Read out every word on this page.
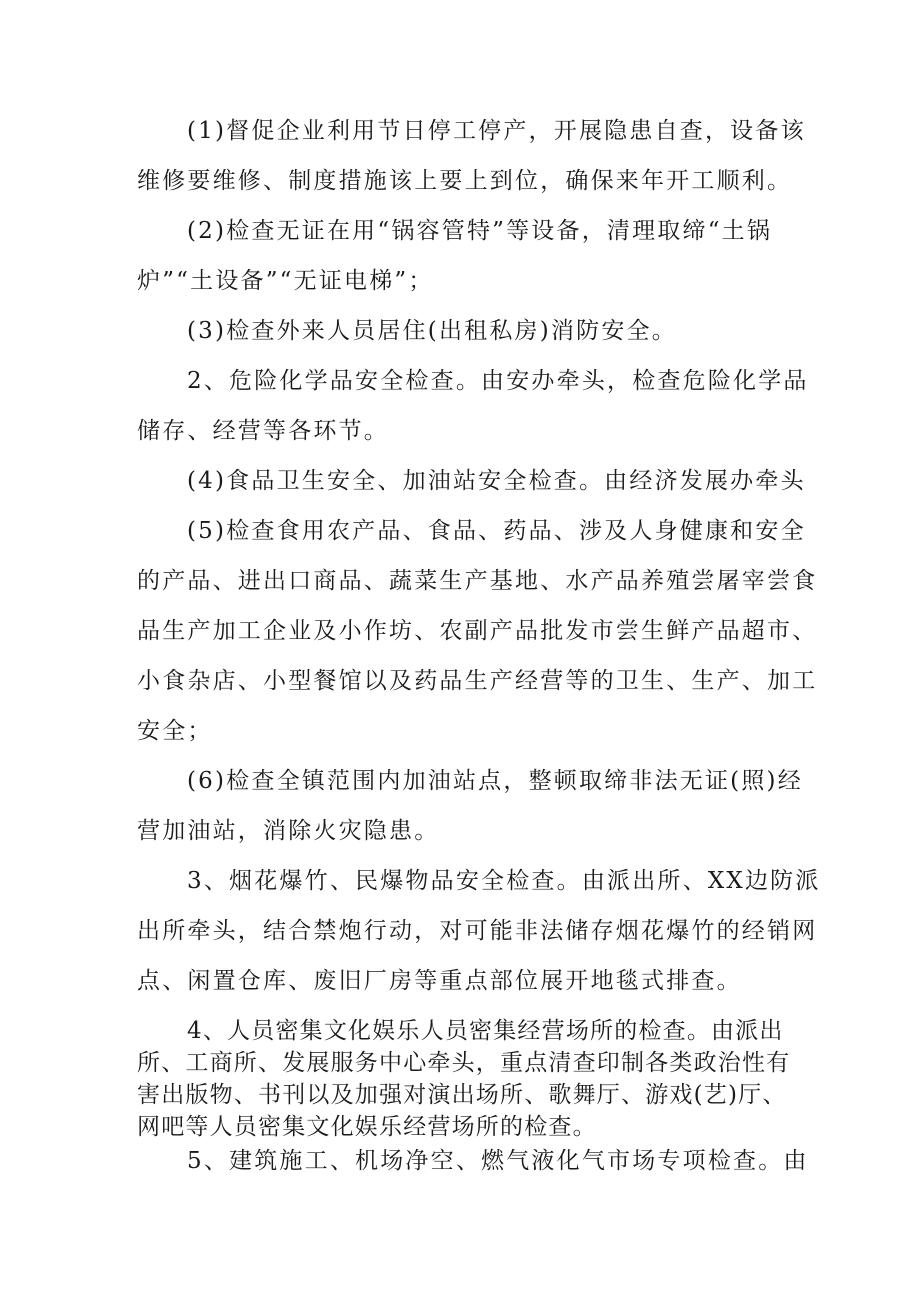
(1)督促企业利用节日停工停产，开展隐患自查，设备该
维修要维修、制度措施该上要上到位，确保来年开工顺利。
(2)检查无证在用“锅容管特”等设备，清理取缔“土锅
炉”“土设备”“无证电梯”；
(3)检查外来人员居住(出租私房)消防安全。
2、危险化学品安全检查。由安办牵头，检查危险化学品
储存、经营等各环节。
(4)食品卫生安全、加油站安全检查。由经济发展办牵头
(5)检查食用农产品、食品、药品、涉及人身健康和安全
的产品、进出口商品、蔬菜生产基地、水产品养殖尝屠宰尝食
品生产加工企业及小作坊、农副产品批发市尝生鲜产品超市、
小食杂店、小型餐馆以及药品生产经营等的卫生、生产、加工
安全；
(6)检查全镇范围内加油站点，整顿取缔非法无证(照)经
营加油站，消除火灾隐患。
3、烟花爆竹、民爆物品安全检查。由派出所、XX边防派
出所牵头，结合禁炮行动，对可能非法储存烟花爆竹的经销网
点、闲置仓库、废旧厂房等重点部位展开地毯式排查。
4、人员密集文化娱乐人员密集经营场所的检查。由派出
所、工商所、发展服务中心牵头，重点清查印制各类政治性有
害出版物、书刊以及加强对演出场所、歌舞厅、游戏(艺)厅、
网吧等人员密集文化娱乐经营场所的检查。
5、建筑施工、机场净空、燃气液化气市场专项检查。由
